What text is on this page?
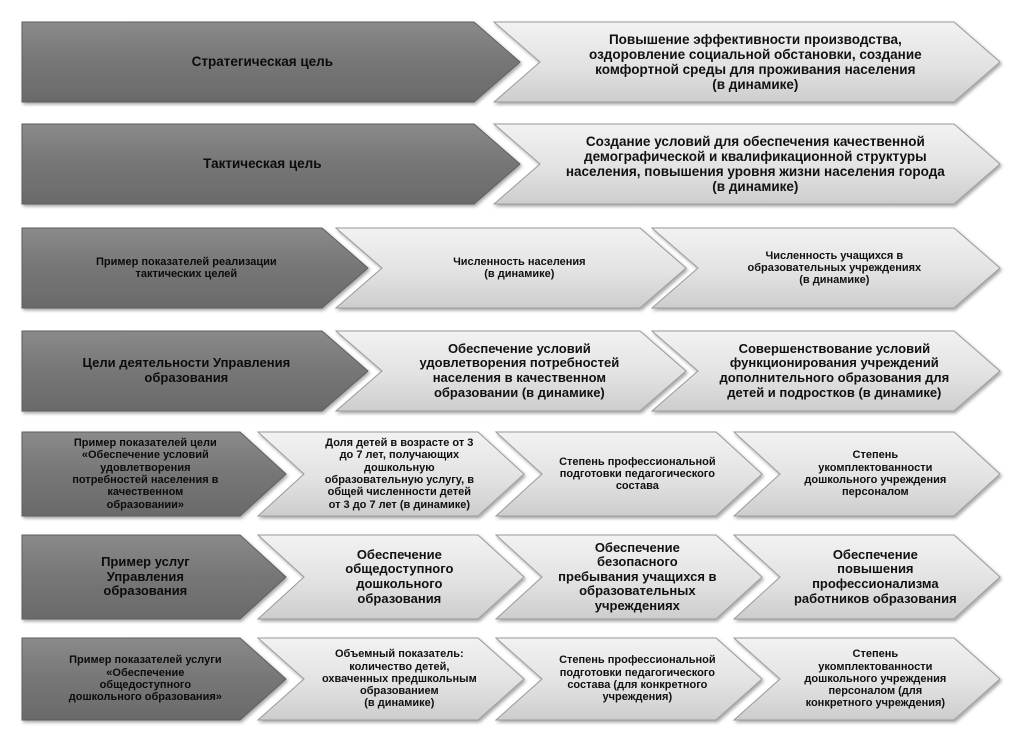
Повышение эффективности производства,
оздоровление социальной обстановки, создание
комфортной среды для проживания населения
(в динамике)
Стратегическая цель
Создание условий для обеспечения качественной
демографической и квалификационной структуры
населения, повышения уровня жизни населения города
(в динамике)
Тактическая цель
Численность учащихся в
образовательных учреждениях
(в динамике)
Численность населения
(в динамике)
Пример показателей реализации
тактических целей
Совершенствование условий
функционирования учреждений
дополнительного образования для
детей и подростков (в динамике)
Обеспечение условий
удовлетворения потребностей
населения в качественном
образовании (в динамике)
Цели деятельности Управления
образования
Степень
укомплектованности
дошкольного учреждения
персоналом
Степень профессиональной
подготовки педагогического
состава
Доля детей в возрасте от 3
до 7 лет, получающих
дошкольную
образовательную услугу, в
общей численности детей
от 3 до 7 лет (в динамике)
Пример показателей цели
«Обеспечение условий
удовлетворения
потребностей населения в
качественном
образовании»
Обеспечение
повышения
профессионализма
работников образования
Обеспечение
безопасного
пребывания учащихся в
образовательных
учреждениях
Обеспечение
общедоступного
дошкольного
образования
Пример услуг
Управления
образования
Степень
укомплектованности
дошкольного учреждения
персоналом (для
конкретного учреждения)
Степень профессиональной
подготовки педагогического
состава (для конкретного
учреждения)
Объемный показатель:
количество детей,
охваченных предшкольным
образованием
(в динамике)
Пример показателей услуги
«Обеспечение
общедоступного
дошкольного образования»
